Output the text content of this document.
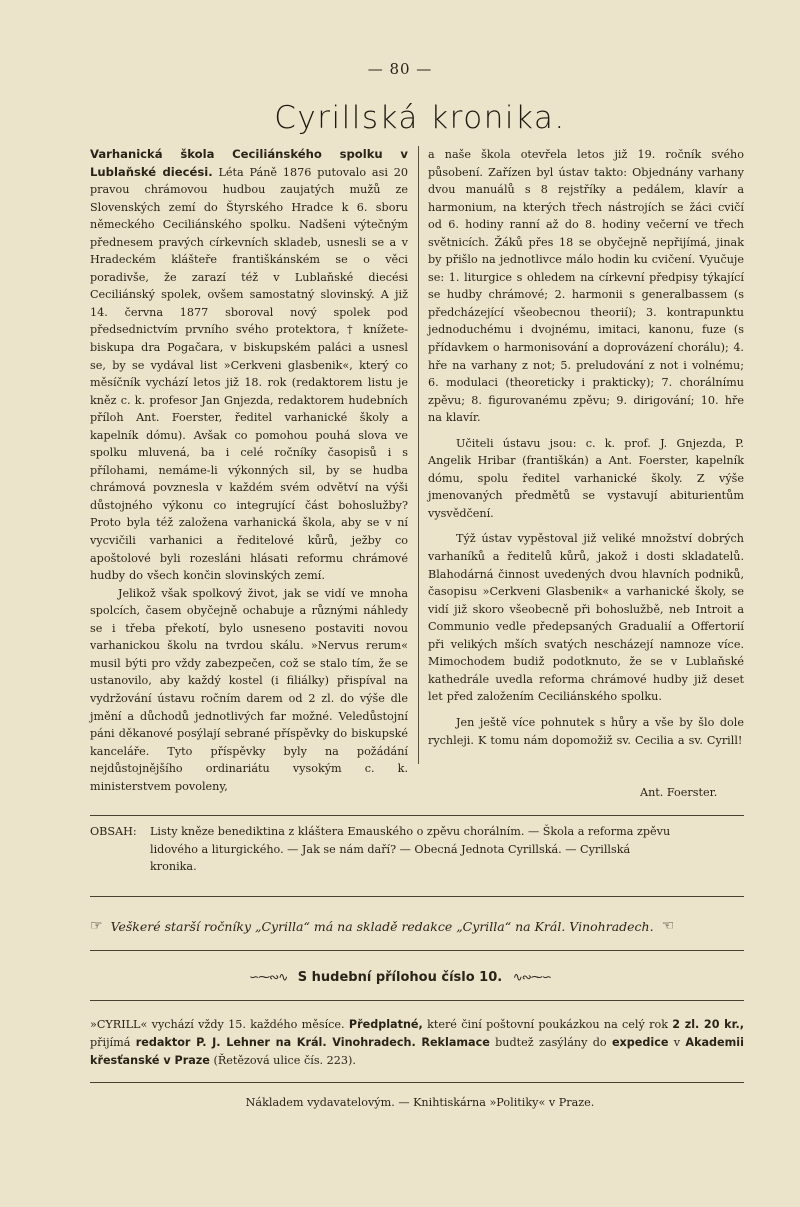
— 80 —
Cyrillská kronika.

Varhanická škola Ceciliánského spolku v Lublaňské diecési. Léta Páně 1876 putovalo asi 20 pravou chrámovou hudbou zaujatých mužů ze Slovenských zemí do Štyrského Hradce k 6. sboru německého Ceciliánského spolku. Nadšeni výtečným přednesem pravých církevních skladeb, usnesli se a v Hradeckém klášteře františkánském se o věci poradivše, že zarazí též v Lublaňské diecési Ceciliánský spolek, ovšem samostatný slovinský. A již 14. června 1877 sboroval nový spolek pod předsednictvím prvního svého protektora, † knížete-biskupa dra Pogačara, v biskupském paláci a usnesl se, by se vydával list »Cerkveni glasbenik«, který co měsíčník vychází letos již 18. rok (redaktorem listu je kněz c. k. profesor Jan Gnjezda, redaktorem hudebních příloh Ant. Foerster, ředitel varhanické školy a kapelník dómu). Avšak co pomohou pouhá slova ve spolku mluvená, ba i celé ročníky časopisů i s přílohami, nemáme-li výkonných sil, by se hudba chrámová povznesla v každém svém odvětví na výši důstojného výkonu co integrující část bohoslužby? Proto byla též založena varhanická škola, aby se v ní vycvičili varhanici a ředitelové kůrů, ježby co apoštolové byli rozesláni hlásati reformu chrámové hudby do všech končin slovinských zemí.

Jelikož však spolkový život, jak se vidí ve mnoha spolcích, časem obyčejně ochabuje a různými náhledy se i třeba překotí, bylo usneseno postaviti novou varhanickou školu na tvrdou skálu. »Nervus rerum« musil býti pro vždy zabezpečen, což se stalo tím, že se ustanovilo, aby každý kostel (i filiálky) přispíval na vydržování ústavu ročním darem od 2 zl. do výše dle jmění a důchodů jednotlivých far možné. Veledůstojní páni děkanové posýlají sebrané příspěvky do biskupské kanceláře. Tyto příspěvky byly na požádání nejdůstojnějšího ordinariátu vysokým c. k. ministerstvem povoleny,

a naše škola otevřela letos již 19. ročník svého působení. Zařízen byl ústav takto: Objednány varhany dvou manuálů s 8 rejstříky a pedálem, klavír a harmonium, na kterých třech nástrojích se žáci cvičí od 6. hodiny ranní až do 8. hodiny večerní ve třech světnicích. Žáků přes 18 se obyčejně nepřijímá, jinak by přišlo na jednotlivce málo hodin ku cvičení. Vyučuje se: 1. liturgice s ohledem na církevní předpisy týkající se hudby chrámové; 2. harmonii s generalbassem (s předcházející všeobecnou theorií); 3. kontrapunktu jednoduchému i dvojnému, imitaci, kanonu, fuze (s přídavkem o harmonisování a doprovázení chorálu); 4. hře na varhany z not; 5. preludování z not i volnému; 6. modulaci (theoreticky i prakticky); 7. chorálnímu zpěvu; 8. figurovanému zpěvu; 9. dirigování; 10. hře na klavír.

Učiteli ústavu jsou: c. k. prof. J. Gnjezda, P. Angelik Hribar (františkán) a Ant. Foerster, kapelník dómu, spolu ředitel varhanické školy. Z výše jmenovaných předmětů se vystavují abiturientům vysvědčení.

Týž ústav vypěstoval již veliké množství dobrých varhaníků a ředitelů kůrů, jakož i dosti skladatelů. Blahodárná činnost uvedených dvou hlavních podniků, časopisu »Cerkveni Glasbenik« a varhanické školy, se vidí již skoro všeobecně při bohoslužbě, neb Introit a Communio vedle předepsaných Gradualií a Offertorií při velikých mších svatých nescházejí namnoze více. Mimochodem budiž podotknuto, že se v Lublaňské kathedrále uvedla reforma chrámové hudby již deset let před založením Ceciliánského spolku.

Jen ještě více pohnutek s hůry a vše by šlo dole rychleji. K tomu nám dopomožiž sv. Cecilia a sv. Cyrill!

Ant. Foerster.
OBSAH:	Listy kněze benediktina z kláštera Emauského o zpěvu chorálním. — Škola a reforma zpěvu
lidového a liturgického. — Jak se nám daří? — Obecná Jednota Cyrillská. — Cyrillská
kronika.
☞ Veškeré starší ročníky „Cyrilla“ má na skladě redakce „Cyrilla“ na Král. Vinohradech. ☜
∽⁓∾∿ S hudební přílohou číslo 10. ∿∾⁓∽
»CYRILL« vychází vždy 15. každého měsíce. Předplatné, které činí poštovní poukázkou na celý rok 2 zl. 20 kr., přijímá redaktor P. J. Lehner na Král. Vinohradech. Reklamace budtež zasýlány do expedice v Akademii křesťanské v Praze (Řetězová ulice čís. 223).
Nákladem vydavatelovým. — Knihtiskárna »Politiky« v Praze.
